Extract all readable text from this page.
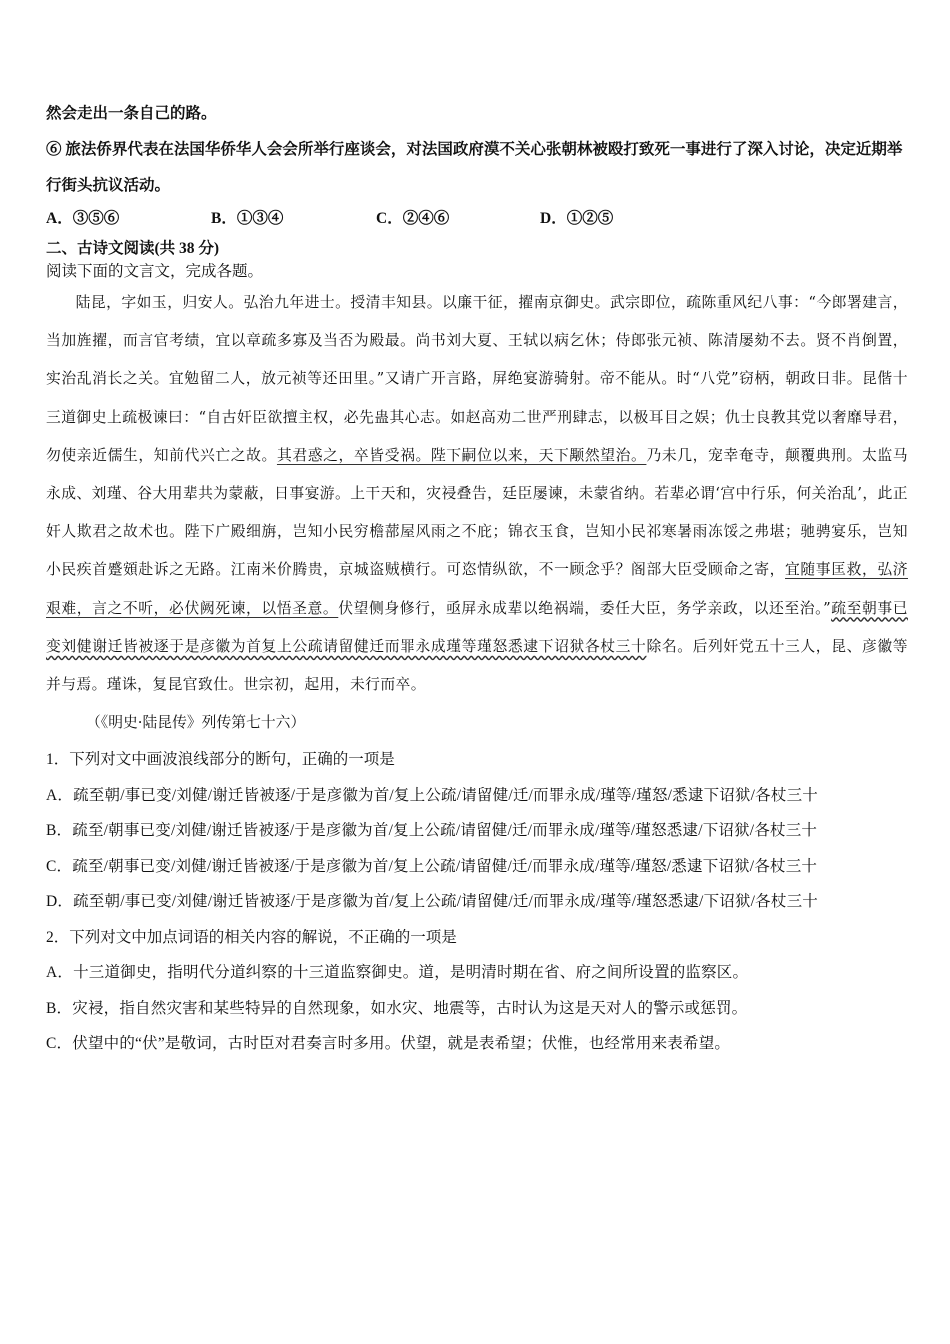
然会走出一条自己的路。

⑥ 旅法侨界代表在法国华侨华人会会所举行座谈会，对法国政府漠不关心张朝林被殴打致死一事进行了深入讨论，决定近期举行街头抗议活动。

A．③⑤⑥	B．①③④	C．②④⑥	D．①②⑤
二、古诗文阅读(共 38 分)
阅读下面的文言文，完成各题。

陆昆，字如玉，归安人。弘治九年进士。授清丰知县。以廉干征，擢南京御史。武宗即位，疏陈重风纪八事：“今郎署建言，当加旌擢，而言官考绩，宜以章疏多寡及当否为殿最。尚书刘大夏、王轼以病乞休；侍郎张元祯、陈清屡劾不去。贤不肖倒置，实治乱消长之关。宜勉留二人，放元祯等还田里。”又请广开言路，屏绝宴游骑射。帝不能从。时“八党”窃柄，朝政日非。昆偕十三道御史上疏极谏曰：“自古奸臣欲擅主权，必先蛊其心志。如赵高劝二世严刑肆志，以极耳目之娱；仇士良教其党以奢靡导君，勿使亲近儒生，知前代兴亡之故。其君惑之，卒皆受祸。陛下嗣位以来，天下颙然望治。乃未几，宠幸奄寺，颠覆典刑。太监马永成、刘瑾、谷大用辈共为蒙蔽，日事宴游。上干天和，灾祲叠告，廷臣屡谏，未蒙省纳。若辈必谓‘宫中行乐，何关治乱’，此正奸人欺君之故术也。陛下广殿细旃，岂知小民穷檐蔀屋风雨之不庇；锦衣玉食，岂知小民祁寒暑雨冻馁之弗堪；驰骋宴乐，岂知小民疾首蹙頞赴诉之无路。江南米价腾贵，京城盗贼横行。可恣情纵欲，不一顾念乎？阁部大臣受顾命之寄，宜随事匡救，弘济艰难，言之不听，必伏阙死谏，以悟圣意。伏望侧身修行，亟屏永成辈以绝祸端，委任大臣，务学亲政，以还至治。”疏至朝事已变刘健谢迁皆被逐于是彦徽为首复上公疏请留健迁而罪永成瑾等瑾怒悉逮下诏狱各杖三十除名。后列奸党五十三人，昆、彦徽等并与焉。瑾诛，复昆官致仕。世宗初，起用，未行而卒。

（《明史·陆昆传》列传第七十六）

1．下列对文中画波浪线部分的断句，正确的一项是

A．疏至朝/事已变/刘健/谢迁皆被逐/于是彦徽为首/复上公疏/请留健/迁/而罪永成/瑾等/瑾怒/悉逮下诏狱/各杖三十

B．疏至/朝事已变/刘健/谢迁皆被逐/于是彦徽为首/复上公疏/请留健/迁/而罪永成/瑾等/瑾怒悉逮/下诏狱/各杖三十

C．疏至/朝事已变/刘健/谢迁皆被逐/于是彦徽为首/复上公疏/请留健/迁/而罪永成/瑾等/瑾怒/悉逮下诏狱/各杖三十

D．疏至朝/事已变/刘健/谢迁皆被逐/于是彦徽为首/复上公疏/请留健/迁/而罪永成/瑾等/瑾怒悉逮/下诏狱/各杖三十

2．下列对文中加点词语的相关内容的解说，不正确的一项是

A．十三道御史，指明代分道纠察的十三道监察御史。道，是明清时期在省、府之间所设置的监察区。

B．灾祲，指自然灾害和某些特异的自然现象，如水灾、地震等，古时认为这是天对人的警示或惩罚。

C．伏望中的“伏”是敬词，古时臣对君奏言时多用。伏望，就是表希望；伏惟，也经常用来表希望。
